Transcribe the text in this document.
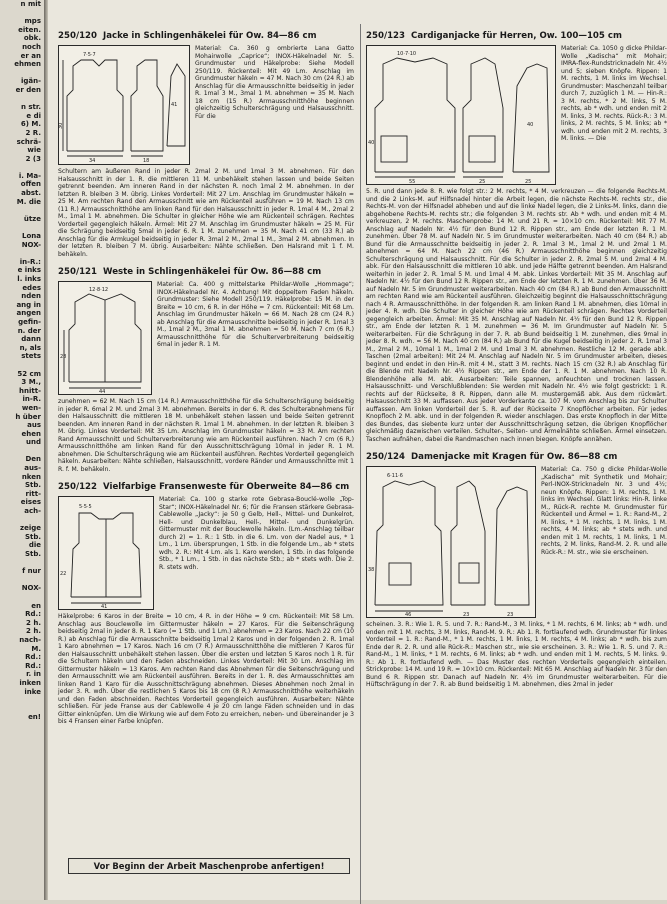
n mit

mps
eiten.
obk.
noch
er an
ehmen

igän-
er den

n str.
e di
6) M.
2 R.
schrä-
wie
2 (3

i. Ma-
offen
abst.
M. die

ütze

Lona
NOX-

in-R.:
e inks
l. inks
edes
nden
ang in
angen
gefin-
n. der
dann
n, als
stets

52 cm
3 M.,
hnitt-
in-R.
wen-
h über
aus
ehen
und

Den
aus-
nken
Stb.
ritt-
eises
ach-

zeige
Stb.
die
Stb.

f nur

NOX-

en
Rd.:
2 h.
2 h.
nach-
M.
Rd.:
Rd.:
r. in
inken
inke

en!
250/120 Jacke in Schlingenhäkelei für Ow. 84—86 cm
34	18
30
7·5·7
41
Material: Ca. 360 g ombrierte Lana Gatto Mohairwolle „Caprice“; INOX-Häkelnadel Nr. 5. Grundmuster und Häkelprobe: Siehe Modell 250/119. Rückenteil: Mit 49 Lm. Anschlag im Grundmuster häkeln = 47 M. Nach 30 cm (24 R.) ab Anschlag für die Armausschnitte beidseitig in jeder R. 1mal 3 M., 3mal 1 M. abnehmen = 35 M. Nach 18 cm (15 R.) Armausschnitthöhe beginnen gleichzeitig Schulterschrägung und Halsausschnitt. Für die
Schultern am äußeren Rand in jeder R. 2mal 2 M. und 1mal 3 M. abnehmen. Für den Halsausschnitt in der 1. R. die mittleren 11 M. unbehäkelt stehen lassen und beide Seiten getrennt beenden. Am inneren Rand in der nächsten R. noch 1mal 2 M. abnehmen. In der letzten R. bleiben 3 M. übrig. Linkes Vorderteil: Mit 27 Lm. Anschlag im Grundmuster häkeln = 25 M. Am rechten Rand den Armausschnitt wie am Rückenteil ausführen = 19 M. Nach 13 cm (11 R.) Armausschnitthöhe am linken Rand für den Halsausschnitt in jeder R. 1mal 4 M., 2mal 2 M., 1mal 1 M. abnehmen. Die Schulter in gleicher Höhe wie am Rückenteil schrägen. Rechtes Vorderteil gegengleich häkeln. Ärmel: Mit 27 M. Anschlag im Grundmuster häkeln = 25 M. Für die Schrägung beidseitig 5mal in jeder 6. R. 1 M. zunehmen = 35 M. Nach 41 cm (33 R.) ab Anschlag für die Armkugel beidseitig in jeder R. 3mal 2 M., 2mal 1 M., 3mal 2 M. abnehmen. In der letzten R. bleiben 7 M. übrig. Ausarbeiten: Nähte schließen. Den Halsrand mit 1 f. M. behäkeln.
250/121 Weste in Schlingenhäkelei für Ow. 86—88 cm
44
28
12·8·12
Material: Ca. 400 g mittelstarke Phildar-Wolle „Hommage“; INOX-Häkelnadel Nr. 4. Achtung! Mit doppeltem Faden häkeln. Grundmuster: Siehe Modell 250/119. Häkelprobe: 15 M. in der Breite = 10 cm, 6 R. in der Höhe = 7 cm. Rückenteil: Mit 68 Lm. Anschlag im Grundmuster häkeln = 66 M. Nach 28 cm (24 R.) ab Anschlag für die Armausschnitte beidseitig in jeder R. 1mal 3 M., 1mal 2 M., 3mal 1 M. abnehmen = 50 M. Nach 7 cm (6 R.) Armausschnitthöhe für die Schulterverbreiterung beidseitig 6mal in jeder R. 1 M.
zunehmen = 62 M. Nach 15 cm (14 R.) Armausschnitthöhe für die Schulterschrägung beidseitig in jeder R. 6mal 2 M. und 2mal 3 M. abnehmen. Bereits in der 6. R. des Schulterabnehmens für den Halsausschnitt die mittleren 18 M. unbehäkelt stehen lassen und beide Seiten getrennt beenden. Am inneren Rand in der nächsten R. 1mal 1 M. abnehmen. In der letzten R. bleiben 3 M. übrig. Linkes Vorderteil: Mit 35 Lm. Anschlag im Grundmuster häkeln = 33 M. Am rechten Rand Armausschnitt und Schulterverbreiterung wie am Rückenteil ausführen. Nach 7 cm (6 R.) Armausschnitthöhe am linken Rand für den Ausschnittschrägung 10mal in jeder R. 1 M. abnehmen. Die Schulterschrägung wie am Rückenteil ausführen. Rechtes Vorderteil gegengleich häkeln. Ausarbeiten: Nähte schließen, Halsausschnitt, vordere Ränder und Armausschnitte mit 1 R. f. M. behäkeln.
250/122 Vielfarbige Fransenweste für Oberweite 84—86 cm
41
5·5·5
22
Material: Ca. 100 g starke rote Gebrasa-Bouclé-wolle „Top-Star“; INOX-Häkelnadel Nr. 6; für die Fransen stärkere Gebrasa-Cablewolle „Jacky“: je 50 g Gelb, Hell-, Mittel- und Dunkelrot, Hell- und Dunkelblau, Hell-, Mittel- und Dunkelgrün. Gittermuster mit der Bouclewolle häkeln. (Lm.-Anschlag teilbar durch 2) = 1. R.: 1 Stb. in die 6. Lm. von der Nadel aus, * 1 Lm., 1 Lm. übersprungen, 1 Stb. in die folgende Lm., ab * stets wdh. 2. R.: Mit 4 Lm. als 1. Karo wenden, 1 Stb. in das folgende Stb., * 1 Lm., 1 Stb. in das nächste Stb.; ab * stets wdh. Die 2. R. stets wdh.
Häkelprobe: 6 Karos in der Breite = 10 cm, 4 R. in der Höhe = 9 cm. Rückenteil: Mit 58 Lm. Anschlag aus Bouclewolle im Gittermuster häkeln = 27 Karos. Für die Seitenschrägung beidseitig 2mal in jeder 8. R. 1 Karo (= 1 Stb. und 1 Lm.) abnehmen = 23 Karos. Nach 22 cm (10 R.) ab Anschlag für die Armausschnitte beidseitig 1mal 2 Karos und in der folgenden 2. R. 1mal 1 Karo abnehmen = 17 Karos. Nach 16 cm (7 R.) Armausschnitthöhe die mittleren 7 Karos für den Halsausschnitt unbehäkelt stehen lassen. Über die ersten und letzten 5 Karos noch 1 R. für die Schultern häkeln und den Faden abschneiden. Linkes Vorderteil: Mit 30 Lm. Anschlag im Gittermuster häkeln = 13 Karos. Am rechten Rand das Abnehmen für die Seitenschrägung und den Armausschnitt wie am Rückenteil ausführen. Bereits in der 1. R. des Armausschnittes am linken Rand 1 Karo für die Ausschnittschrägung abnehmen. Dieses Abnehmen noch 2mal in jeder 3. R. wdh. Über die restlichen 5 Karos bis 18 cm (8 R.) Armausschnitthöhe weiterhäkeln und den Faden abschneiden. Rechtes Vorderteil gegengleich ausführen. Ausarbeiten: Nähte schließen. Für jede Franse aus der Cablewolle 4 je 20 cm lange Fäden schneiden und in das Gitter einknüpfen. Um die Wirkung wie auf dem Foto zu erreichen, neben- und übereinander je 3 bis 4 Fransen einer Farbe knüpfen.
Vor Beginn der Arbeit Maschenprobe anfertigen!
250/123 Cardiganjacke für Herren, Ow. 100—105 cm
55	25	25
10·7·10
40
40
Material: Ca. 1050 g dicke Phildar-Wolle „Kadischa“ mit Mohair; IMRA-flex-Rundstricknadeln Nr. 4½ und 5; sieben Knöpfe. Rippen: 1 M. rechts, 1 M. links im Wechsel. Grundmuster: Maschenzahl teilbar durch 7, zuzüglich 1 M. — Hin-R.: 3 M. rechts, * 2 M. links, 5 M. rechts, ab * wdh. und enden mit 2 M. links, 3 M. rechts. Rück-R.: 3 M. links, 2 M. rechts, 5 M. links; ab * wdh. und enden mit 2 M. rechts, 3 M. links. — Die
5. R. und dann jede 8. R. wie folgt str.: 2 M. rechts, * 4 M. verkreuzen — die folgende Rechts-M. und die 2 Links-M. auf Hilfsnadel hinter die Arbeit legen, die nächste Rechts-M. rechts str., die Rechts-M. von der Hilfsnadel abheben und auf die linke Nadel legen, die 2 Links-M. links, dann die abgehobene Rechts-M. rechts str.; die folgenden 3 M. rechts str. Ab * wdh. und enden mit 4 M. verkreuzen, 2 M. rechts. Maschenprobe: 14 M. und 21 R. = 10×10 cm. Rückenteil: Mit 77 M. Anschlag auf Nadeln Nr. 4½ für den Bund 12 R. Rippen str., am Ende der letzten R. 1 M. zunehmen. Über 78 M. auf Nadeln Nr. 5 im Grundmuster weiterarbeiten. Nach 40 cm (84 R.) ab Bund für die Armausschnitte beidseitig in jeder 2. R. 1mal 3 M., 1mal 2 M. und 2mal 1 M. abnehmen = 64 M. Nach 22 cm (46 R.) Armausschnitthöhe beginnen gleichzeitig Schulterschrägung und Halsausschnitt. Für die Schulter in jeder 2. R. 2mal 5 M. und 2mal 4 M. abk. Für den Halsausschnitt die mittleren 10 abk. und jede Hälfte getrennt beenden. Am Halsrand weiterhin in jeder 2. R. 1mal 5 M. und 1mal 4 M. abk. Linkes Vorderteil: Mit 35 M. Anschlag auf Nadeln Nr. 4½ für den Bund 12 R. Rippen str., am Ende der letzten R. 1 M. zunehmen. Über 36 M. auf Nadeln Nr. 5 im Grundmuster weiterarbeiten. Nach 40 cm (84 R.) ab Bund den Armausschnitt am rechten Rand wie am Rückenteil ausführen. Gleichzeitig beginnt die Halsausschnittschrägung nach 4 R. Armausschnitthöhe. In der folgenden R. am linken Rand 1 M. abnehmen, dies 10mal in jeder 4. R. wdh. Die Schulter in gleicher Höhe wie am Rückenteil schrägen. Rechtes Vorderteil gegengleich arbeiten. Ärmel: Mit 35 M. Anschlag auf Nadeln Nr. 4½ für den Bund 12 R. Rippen str., am Ende der letzten R. 1 M. zunehmen = 36 M. Im Grundmuster auf Nadeln Nr. 5 weiterarbeiten. Für die Schrägung in der 7. R. ab Bund beidseitig 1 M. zunehmen, dies 9mal in jeder 8. R. wdh. = 56 M. Nach 40 cm (84 R.) ab Bund für die Kugel beidseitig in jeder 2. R. 1mal 3 M., 2mal 2 M., 10mal 1 M., 1mal 2 M. und 1mal 3 M. abnehmen. Restliche 12 M. gerade abk. Taschen (2mal arbeiten): Mit 24 M. Anschlag auf Nadeln Nr. 5 im Grundmuster arbeiten, dieses beginnt und endet in den Hin-R. mit 4 M., statt 3 M. rechts. Nach 15 cm (32 R.) ab Anschlag für die Blende mit Nadeln Nr. 4½ Rippen str., am Ende der 1. R. 1 M. abnehmen. Nach 10 R. Blendenhöhe alle M. abk. Ausarbeiten: Teile spannen, anfeuchten und trocknen lassen. Halsausschnitt- und Verschlußblenden: Sie werden mit Nadeln Nr. 4½ wie folgt gestrickt: 1 R. rechts auf der Rückseite, 8 R. Rippen, dann alle M. mustergemäß abk. Aus dem rückwärt. Halsausschnitt 33 M. auffassen. Aus jeder Vorderkante ca. 107 M. vom Anschlag bis zur Schulter auffassen. Am linken Vorderteil der 5. R. auf der Rückseite 7 Knopflöcher arbeiten. Für jedes Knopfloch 2 M. abk. und in der folgenden R. wieder anschlagen. Das erste Knopfloch in der Mitte des Bundes, das siebente kurz unter der Ausschnittschrägung setzen, die übrigen Knopflöcher gleichmäßig dazwischen verteilen. Schulter-, Seiten- und Ärmelnähte schließen. Ärmel einsetzen. Taschen aufnähen, dabei die Randmaschen nach innen biegen. Knöpfe annähen.
250/124 Damenjacke mit Kragen für Ow. 86—88 cm
46	23	23
6·11·6
38
Material: Ca. 750 g dicke Phildar-Wolle „Kadischa“ mit Synthetik und Mohair; Perl-INOX-Stricknadeln Nr. 3 und 4½; neun Knöpfe. Rippen: 1 M. rechts, 1 M. links im Wechsel. Glatt links: Hin-R. linke M., Rück-R. rechte M. Grundmuster für Rückenteil und Ärmel = 1. R.: Rand-M., 2 M. links, * 1 M. rechts, 1 M. links, 1 M. rechts, 4 M. links; ab * stets wdh. und enden mit 1 M. rechts, 1 M. links, 1 M. rechts, 2 M. links, Rand-M. 2. R. und alle Rück-R.: M. str., wie sie erscheinen.
scheinen. 3. R.: Wie 1. R. 5. und 7. R.: Rand-M., 3 M. links, * 1 M. rechts, 6 M. links; ab * wdh. und enden mit 1 M. rechts, 3 M. links, Rand-M. 9. R.: Ab 1. R. fortlaufend wdh. Grundmuster für linkes Vorderteil = 1. R.: Rand-M., * 1 M. rechts, 1 M. links, 1 M. rechts, 4 M. links; ab * wdh. bis zum Ende der R. 2. R. und alle Rück-R.: Maschen str., wie sie erscheinen. 3. R.: Wie 1. R. 5. und 7. R.: Rand-M., 1 M. links, * 1 M. rechts, 6 M. links; ab * wdh. und enden mit 1 M. rechts, 5 M. links. 9. R.: Ab 1. R. fortlaufend wdh. — Das Muster des rechten Vorderteils gegengleich einteilen. Strickprobe: 14 M. und 19 R. = 10×10 cm. Rückenteil: Mit 65 M. Anschlag auf Nadeln Nr. 3 für den Bund 6 R. Rippen str. Danach auf Nadeln Nr. 4½ im Grundmuster weiterarbeiten. Für die Hüftschrägung in der 7. R. ab Bund beidseitig 1 M. abnehmen, dies 2mal in jeder
